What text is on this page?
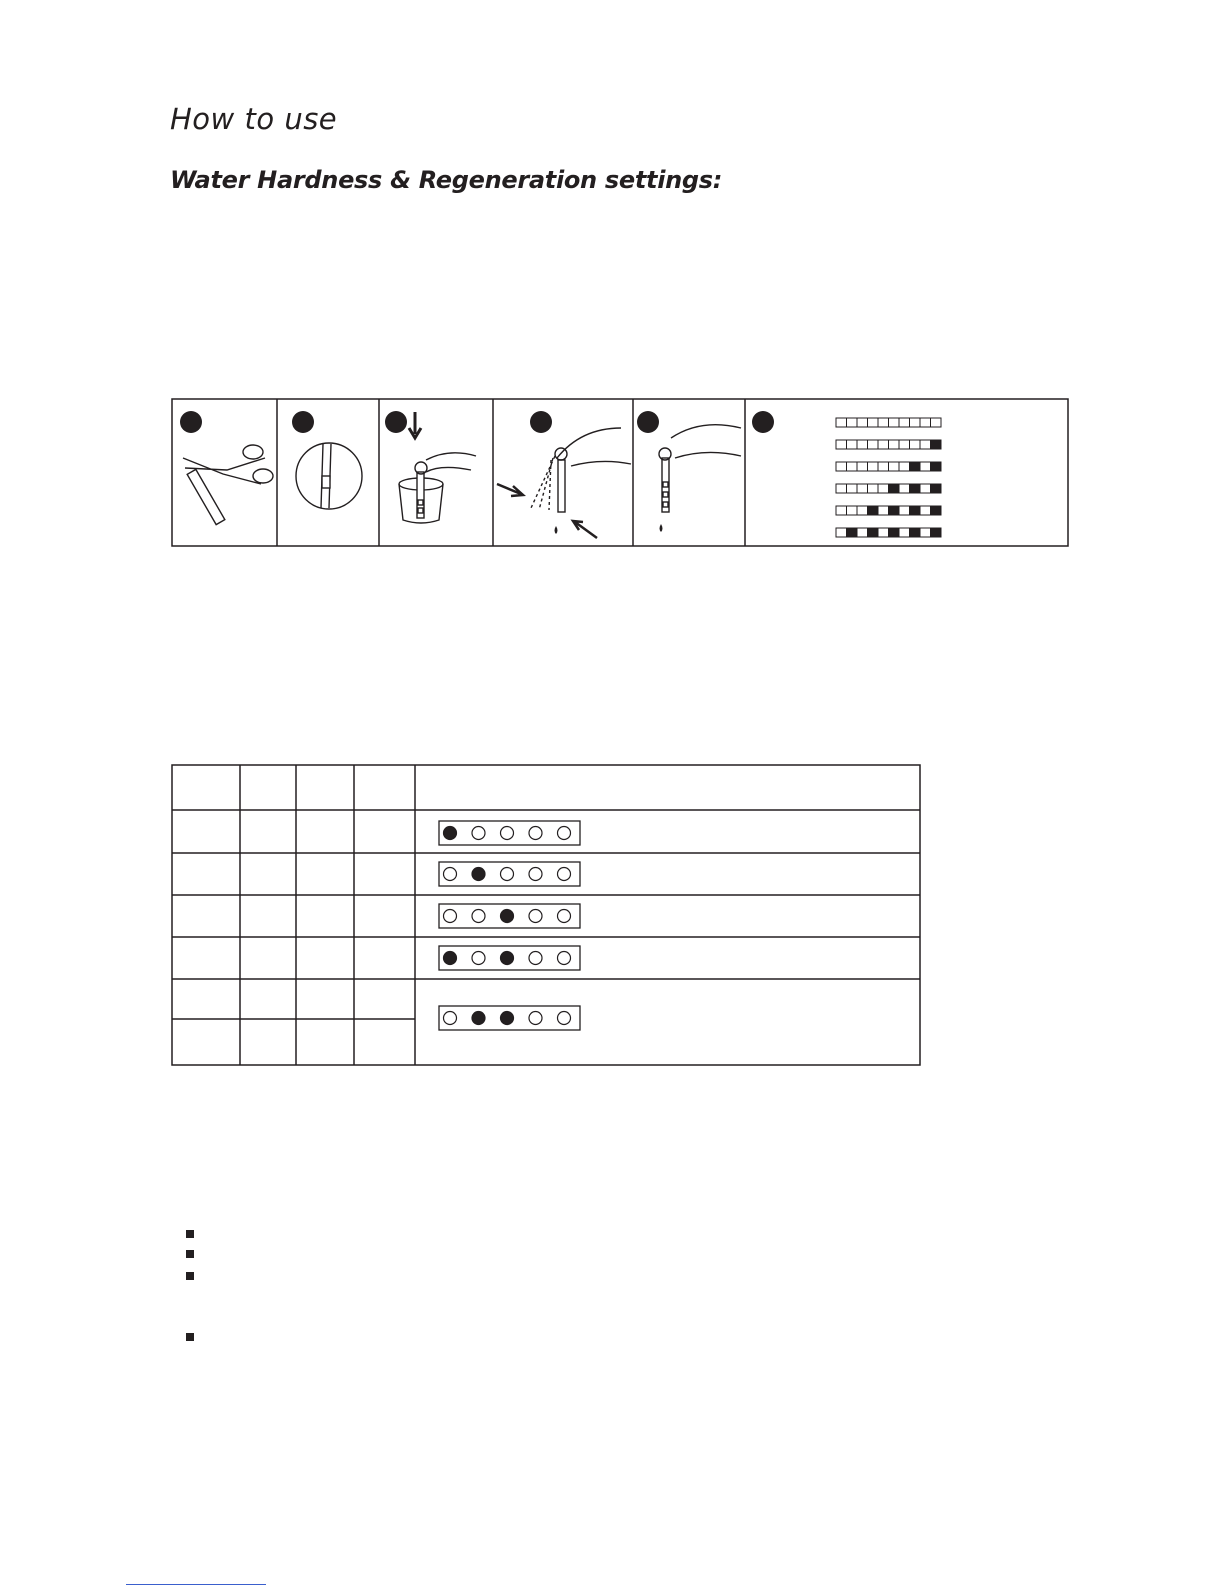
How to use
Water Hardness & Regeneration settings:
